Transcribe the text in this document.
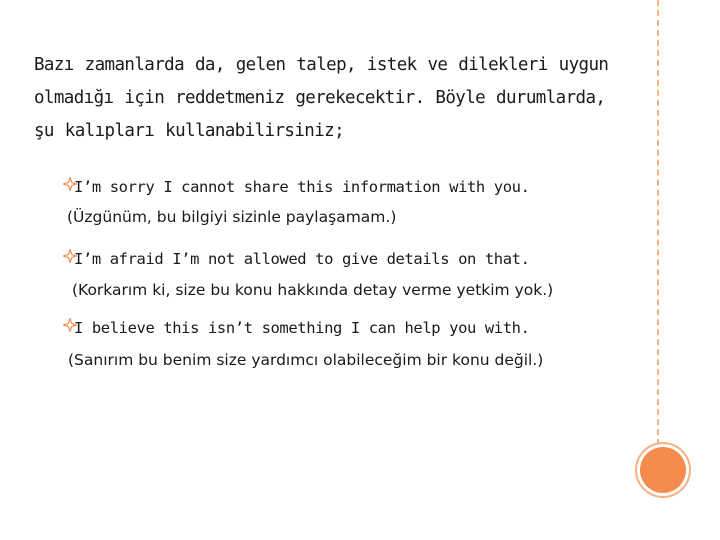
Bazı zamanlarda da, gelen talep, istek ve dilekleri uygun
olmadığı için reddetmeniz gerekecektir. Böyle durumlarda,
şu kalıpları kullanabilirsiniz;

I’m sorry I cannot share this information with you.
(Üzgünüm, bu bilgiyi sizinle paylaşamam.)
I’m afraid I’m not allowed to give details on that.
(Korkarım ki, size bu konu hakkında detay verme yetkim yok.)
I believe this isn’t something I can help you with.
(Sanırım bu benim size yardımcı olabileceğim bir konu değil.)
